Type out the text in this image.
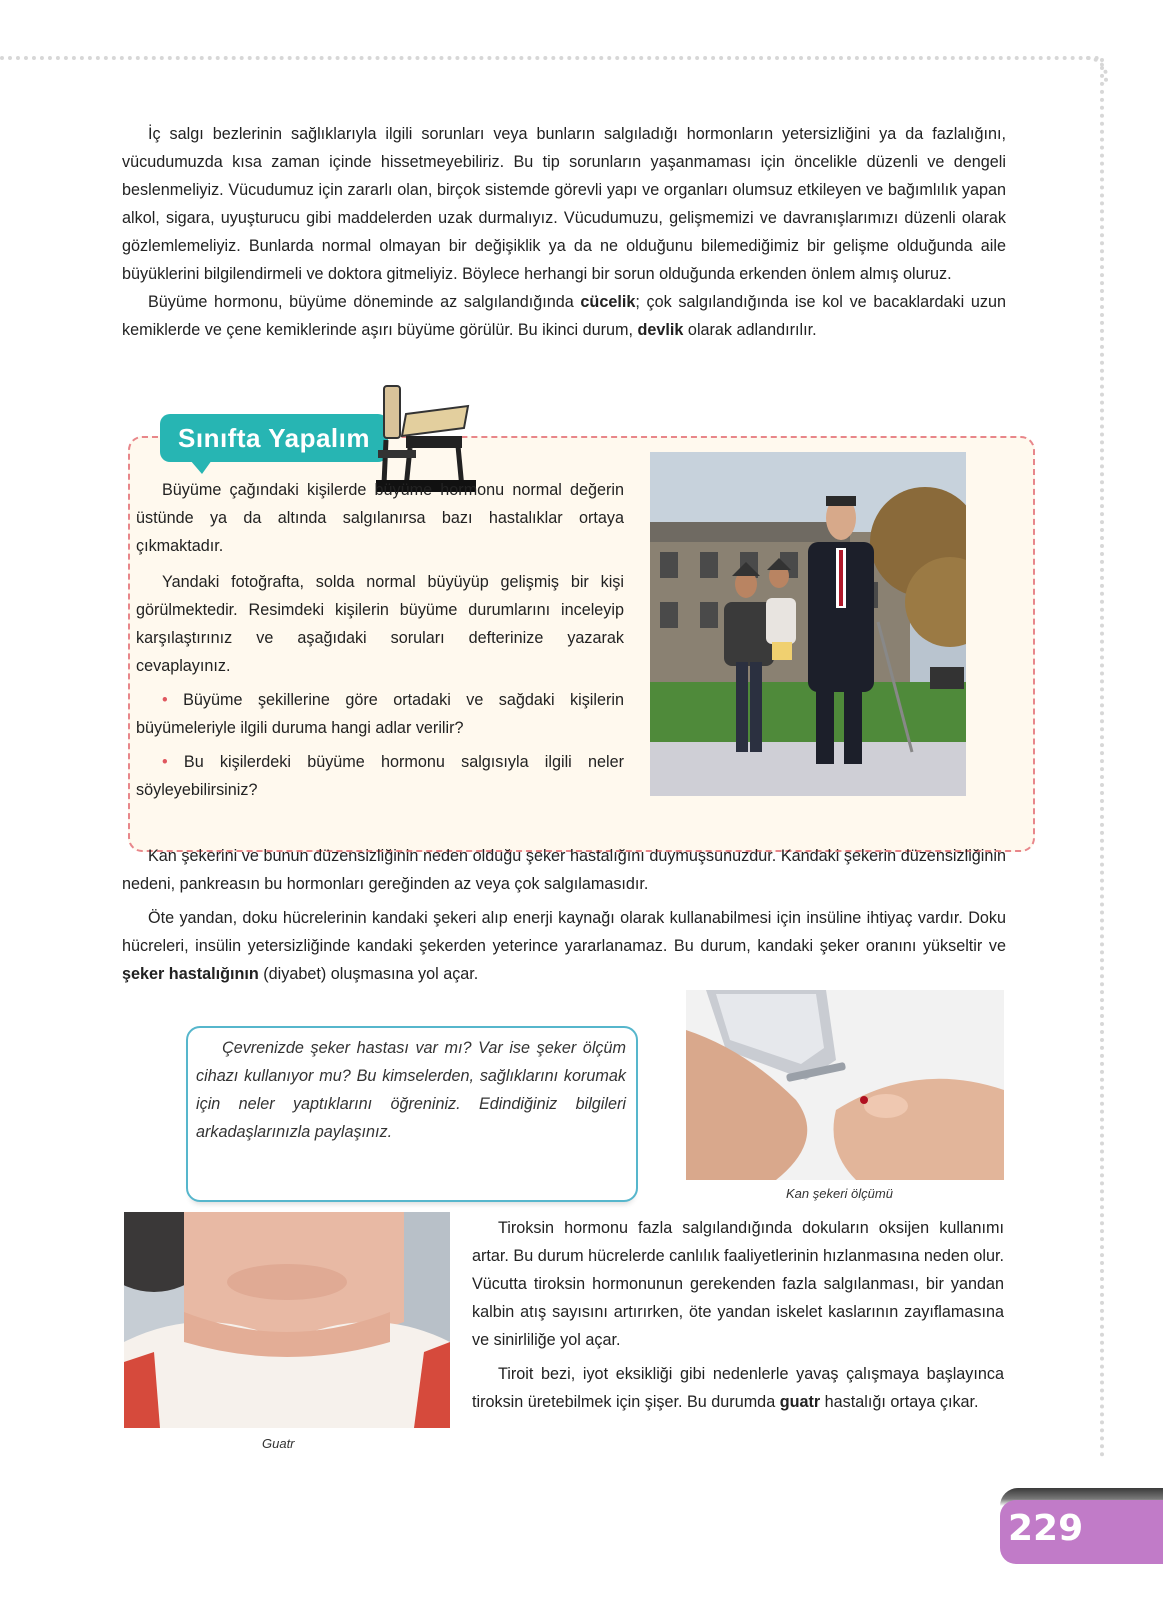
İç salgı bezlerinin sağlıklarıyla ilgili sorunları veya bunların salgıladığı hormonların yetersizliğini ya da fazlalığını, vücudumuzda kısa zaman içinde hissetmeyebiliriz. Bu tip sorunların yaşanmaması için öncelikle düzenli ve dengeli beslenmeliyiz. Vücudumuz için zararlı olan, birçok sistemde görevli yapı ve organları olumsuz etkileyen ve bağımlılık yapan alkol, sigara, uyuşturucu gibi maddelerden uzak durmalıyız. Vücudumuzu, gelişmemizi ve davranışlarımızı düzenli olarak gözlemlemeliyiz. Bunlarda normal olmayan bir değişiklik ya da ne olduğunu bilemediğimiz bir gelişme olduğunda aile büyüklerini bilgilendirmeli ve doktora gitmeliyiz. Böylece herhangi bir sorun olduğunda erkenden önlem almış oluruz.

Büyüme hormonu, büyüme döneminde az salgılandığında cücelik; çok salgılandığında ise kol ve bacaklardaki uzun kemiklerde ve çene kemiklerinde aşırı büyüme görülür. Bu ikinci durum, devlik olarak adlandırılır.

Sınıfta Yapalım

Büyüme çağındaki kişilerde büyüme hormonu normal değerin üstünde ya da altında salgılanırsa bazı hastalıklar ortaya çıkmaktadır.

Yandaki fotoğrafta, solda normal büyüyüp gelişmiş bir kişi görülmektedir. Resimdeki kişilerin büyüme durumlarını inceleyip karşılaştırınız ve aşağıdaki soruları defterinize yazarak cevaplayınız.

• Büyüme şekillerine göre ortadaki ve sağdaki kişilerin büyümeleriyle ilgili duruma hangi adlar verilir?

• Bu kişilerdeki büyüme hormonu salgısıyla ilgili neler söyleyebilirsiniz?

Kan şekerini ve bunun düzensizliğinin neden olduğu şeker hastalığını duymuşsunuzdur. Kandaki şekerin düzensizliğinin nedeni, pankreasın bu hormonları gereğinden az veya çok salgılamasıdır.

Öte yandan, doku hücrelerinin kandaki şekeri alıp enerji kaynağı olarak kullanabilmesi için insüline ihtiyaç vardır. Doku hücreleri, insülin yetersizliğinde kandaki şekerden yeterince yararlanamaz. Bu durum, kandaki şeker oranını yükseltir ve şeker hastalığının (diyabet) oluşmasına yol açar.

Çevrenizde şeker hastası var mı? Var ise şeker ölçüm cihazı kullanıyor mu? Bu kimselerden, sağlıklarını korumak için neler yaptıklarını öğreniniz. Edindiğiniz bilgileri arkadaşlarınızla paylaşınız.

Kan şekeri ölçümü
Guatr

Tiroksin hormonu fazla salgılandığında dokuların oksijen kullanımı artar. Bu durum hücrelerde canlılık faaliyetlerinin hızlanmasına neden olur. Vücutta tiroksin hormonunun gerekenden fazla salgılanması, bir yandan kalbin atış sayısını artırırken, öte yandan iskelet kaslarının zayıflamasına ve sinirliliğe yol açar.

Tiroit bezi, iyot eksikliği gibi nedenlerle yavaş çalışmaya başlayınca tiroksin üretebilmek için şişer. Bu durumda guatr hastalığı ortaya çıkar.

229
